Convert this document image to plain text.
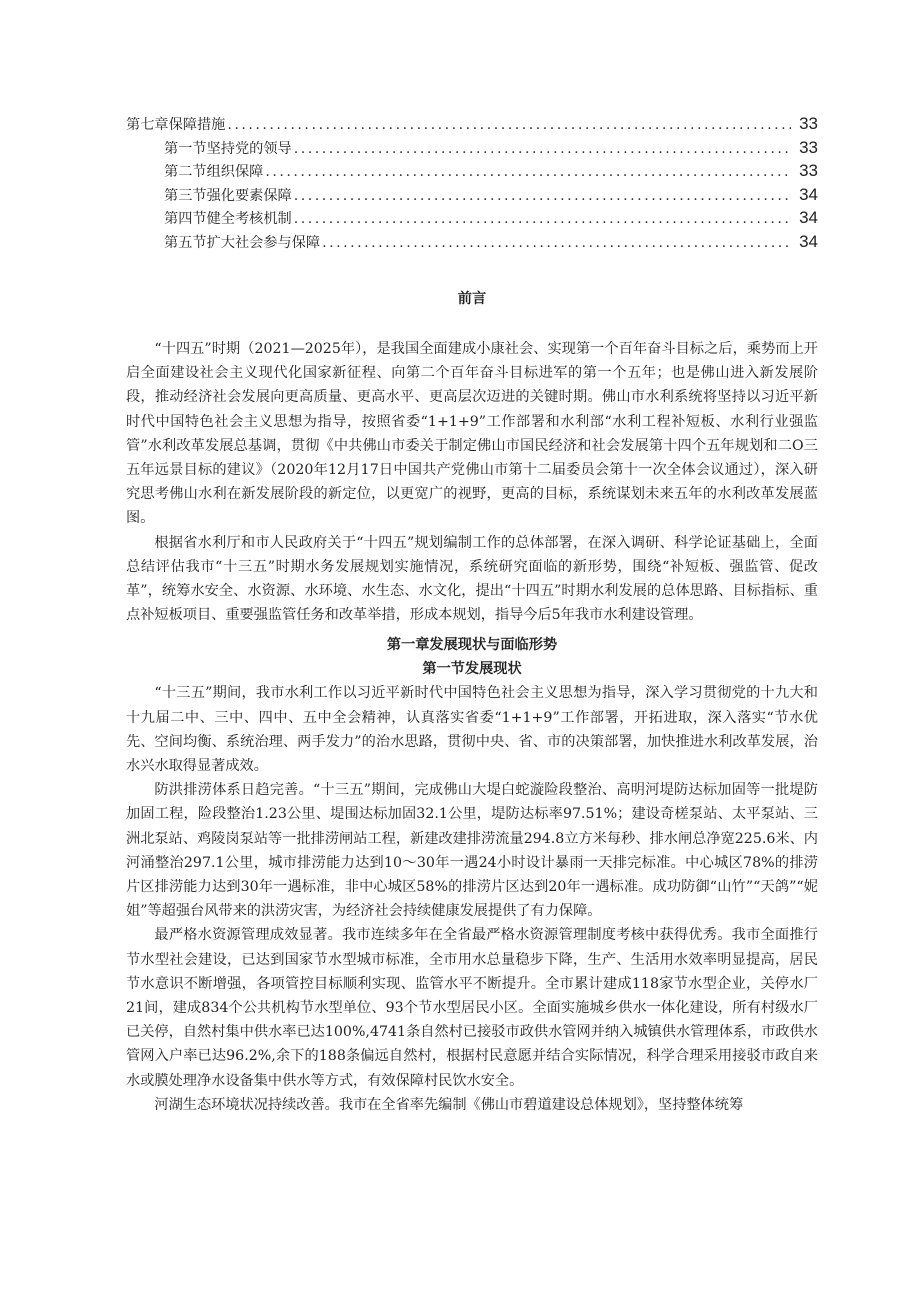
第七章保障措施 .....	33
第一节坚持党的领导 .....	33
第二节组织保障 .....	33
第三节强化要素保障 .....	34
第四节健全考核机制 .....	34
第五节扩大社会参与保障 .....	34
前言

“十四五”时期（2021—2025年），是我国全面建成小康社会、实现第一个百年奋斗目标之后，乘势而上开启全面建设社会主义现代化国家新征程、向第二个百年奋斗目标进军的第一个五年；也是佛山进入新发展阶段，推动经济社会发展向更高质量、更高水平、更高层次迈进的关键时期。佛山市水利系统将坚持以习近平新时代中国特色社会主义思想为指导，按照省委“1+1+9”工作部署和水利部“水利工程补短板、水利行业强监管”水利改革发展总基调，贯彻《中共佛山市委关于制定佛山市国民经济和社会发展第十四个五年规划和二O三五年远景目标的建议》（2020年12月17日中国共产党佛山市第十二届委员会第十一次全体会议通过），深入研究思考佛山水利在新发展阶段的新定位，以更宽广的视野，更高的目标，系统谋划未来五年的水利改革发展蓝图。

根据省水利厅和市人民政府关于“十四五”规划编制工作的总体部署，在深入调研、科学论证基础上，全面总结评估我市“十三五”时期水务发展规划实施情况，系统研究面临的新形势，围绕“补短板、强监管、促改革”，统筹水安全、水资源、水环境、水生态、水文化，提出“十四五”时期水利发展的总体思路、目标指标、重点补短板项目、重要强监管任务和改革举措，形成本规划，指导今后5年我市水利建设管理。

第一章发展现状与面临形势
第一节发展现状

“十三五”期间，我市水利工作以习近平新时代中国特色社会主义思想为指导，深入学习贯彻党的十九大和十九届二中、三中、四中、五中全会精神，认真落实省委“1+1+9”工作部署，开拓进取，深入落实“节水优先、空间均衡、系统治理、两手发力”的治水思路，贯彻中央、省、市的决策部署，加快推进水利改革发展，治水兴水取得显著成效。

防洪排涝体系日趋完善。“十三五”期间，完成佛山大堤白蛇漩险段整治、高明河堤防达标加固等一批堤防加固工程，险段整治1.23公里、堤围达标加固32.1公里，堤防达标率97.51%；建设奇槎泵站、太平泵站、三洲北泵站、鸡陵岗泵站等一批排涝闸站工程，新建改建排涝流量294.8立方米每秒、排水闸总净宽225.6米、内河涌整治297.1公里，城市排涝能力达到10～30年一遇24小时设计暴雨一天排完标准。中心城区78%的排涝片区排涝能力达到30年一遇标准，非中心城区58%的排涝片区达到20年一遇标准。成功防御“山竹”“天鸽”“妮姐”等超强台风带来的洪涝灾害，为经济社会持续健康发展提供了有力保障。

最严格水资源管理成效显著。我市连续多年在全省最严格水资源管理制度考核中获得优秀。我市全面推行节水型社会建设，已达到国家节水型城市标准，全市用水总量稳步下降，生产、生活用水效率明显提高，居民节水意识不断增强，各项管控目标顺利实现、监管水平不断提升。全市累计建成118家节水型企业，关停水厂21间，建成834个公共机构节水型单位、93个节水型居民小区。全面实施城乡供水一体化建设，所有村级水厂已关停，自然村集中供水率已达100%,4741条自然村已接驳市政供水管网并纳入城镇供水管理体系，市政供水管网入户率已达96.2%,余下的188条偏远自然村，根据村民意愿并结合实际情况，科学合理采用接驳市政自来水或膜处理净水设备集中供水等方式，有效保障村民饮水安全。

河湖生态环境状况持续改善。我市在全省率先编制《佛山市碧道建设总体规划》，坚持整体统筹
